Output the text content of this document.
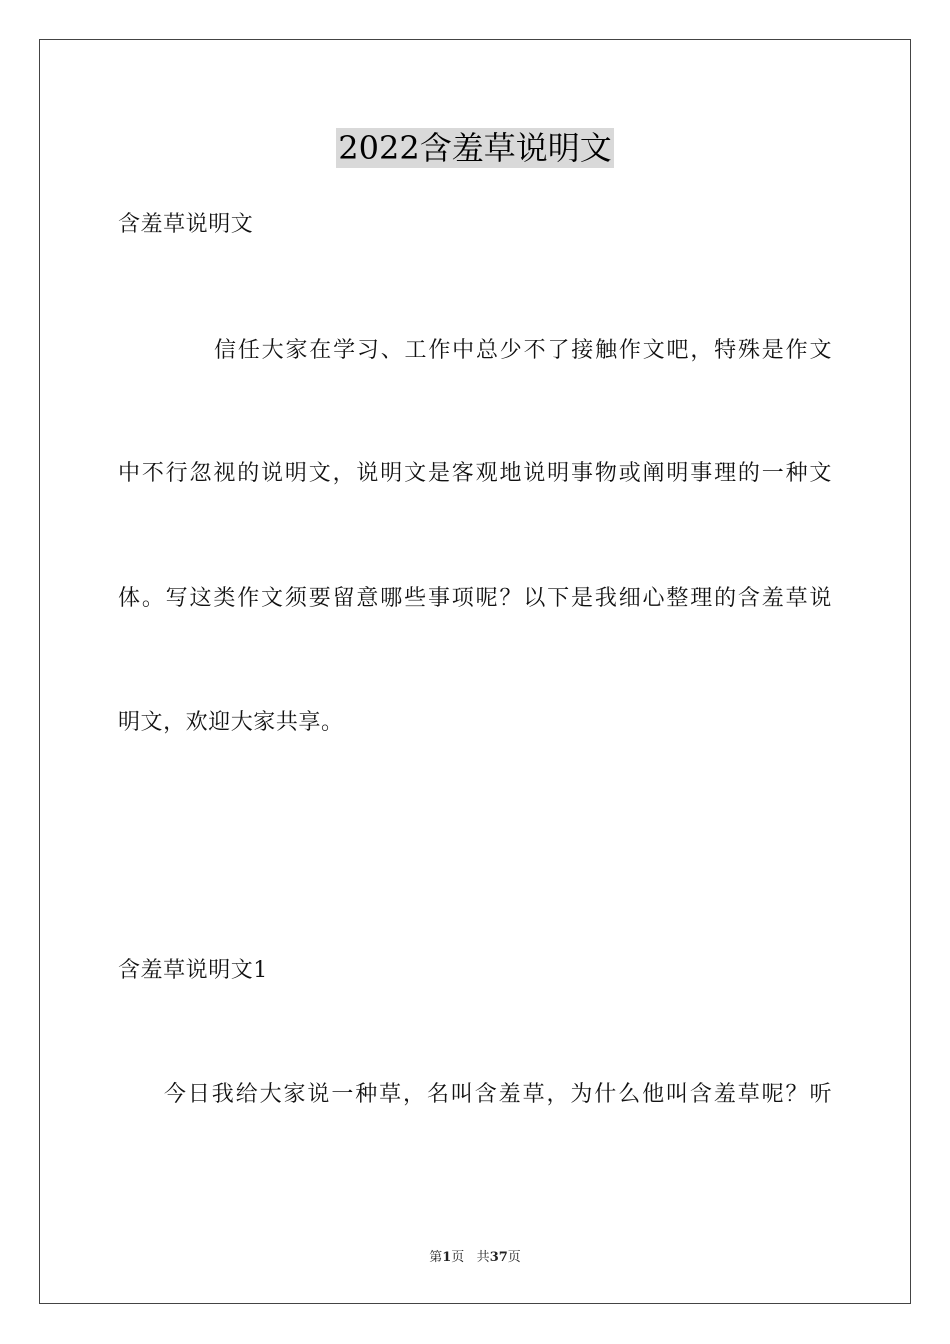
2022含羞草说明文
含羞草说明文
信任大家在学习、工作中总少不了接触作文吧，特殊是作文
中不行忽视的说明文，说明文是客观地说明事物或阐明事理的一种文
体。写这类作文须要留意哪些事项呢？以下是我细心整理的含羞草说
明文，欢迎大家共享。
含羞草说明文1
今日我给大家说一种草，名叫含羞草，为什么他叫含羞草呢？听
第1页 共37页
